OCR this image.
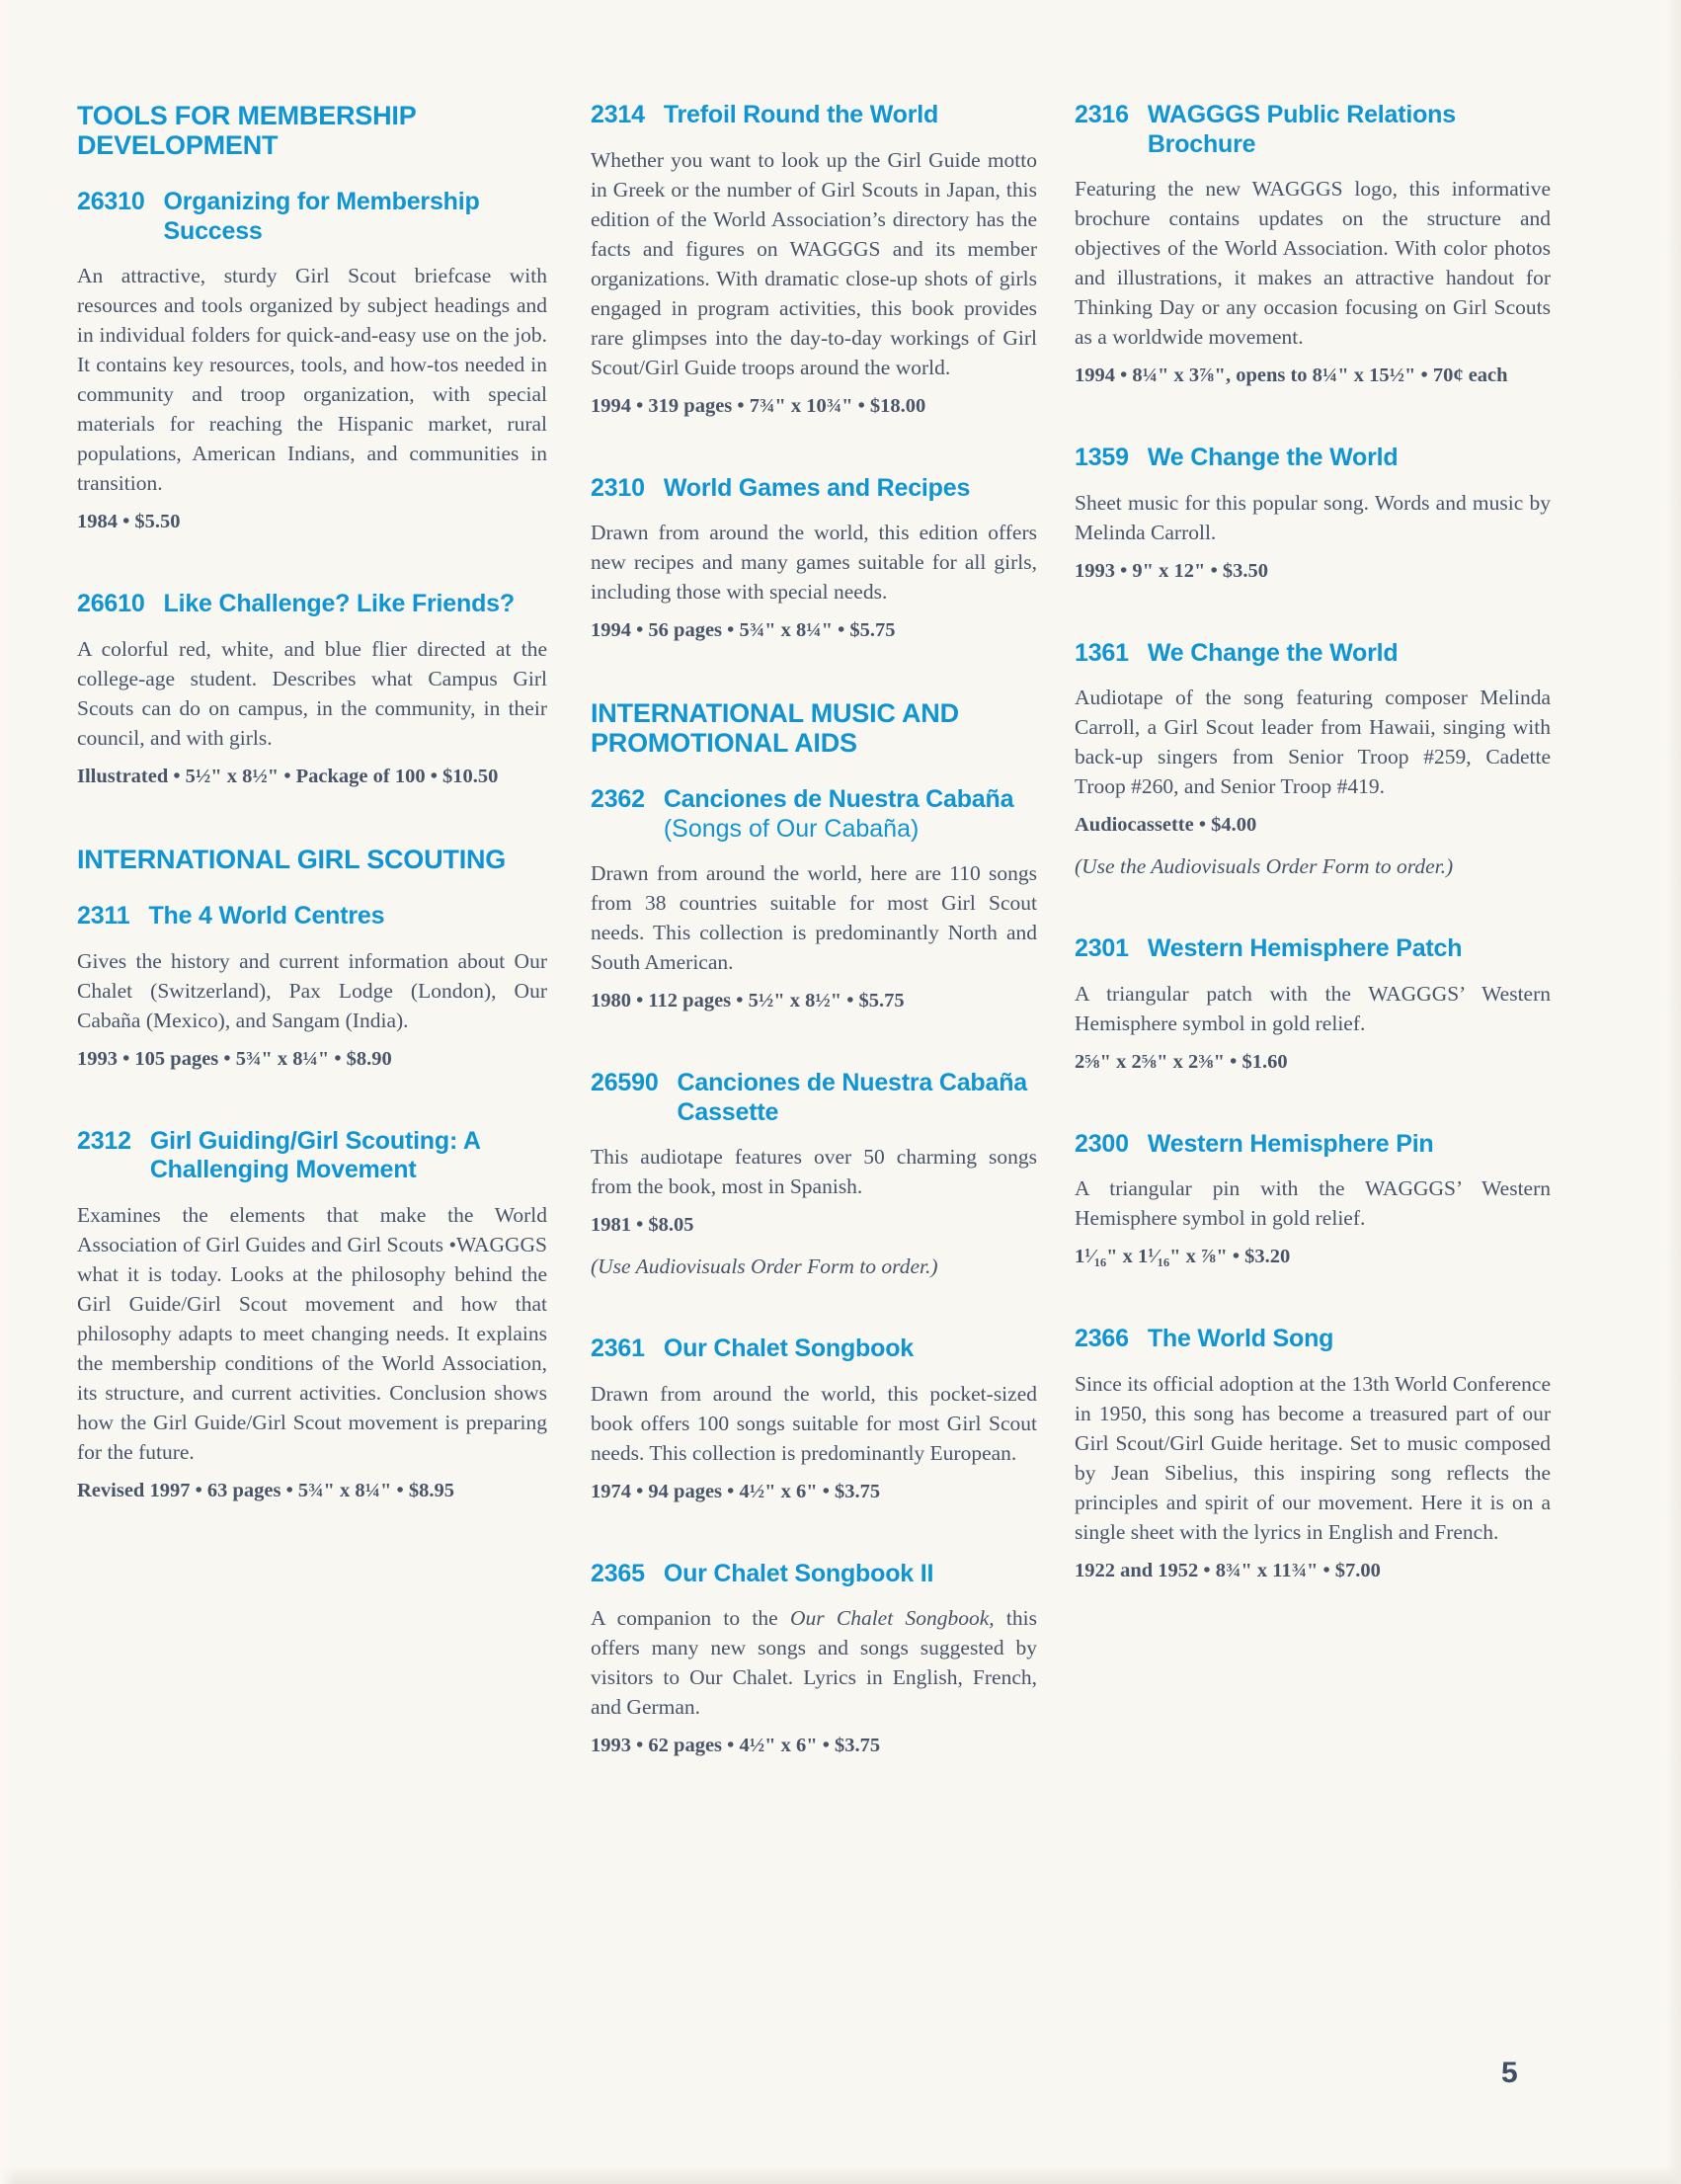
TOOLS FOR MEMBERSHIP DEVELOPMENT
26310 Organizing for Membership Success

An attractive, sturdy Girl Scout briefcase with resources and tools organized by subject headings and in individual folders for quick-and-easy use on the job. It contains key resources, tools, and how-tos needed in community and troop organization, with special materials for reaching the Hispanic market, rural populations, American Indians, and communities in transition.

1984 • $5.50

26610 Like Challenge? Like Friends?

A colorful red, white, and blue flier directed at the college-age student. Describes what Campus Girl Scouts can do on campus, in the community, in their council, and with girls.

Illustrated • 5½" x 8½" • Package of 100 • $10.50

INTERNATIONAL GIRL SCOUTING
2311 The 4 World Centres

Gives the history and current information about Our Chalet (Switzerland), Pax Lodge (London), Our Cabaña (Mexico), and Sangam (India).

1993 • 105 pages • 5¾" x 8¼" • $8.90

2312 Girl Guiding/Girl Scouting: A Challenging Movement

Examines the elements that make the World Association of Girl Guides and Girl Scouts •WAGGGS what it is today. Looks at the philosophy behind the Girl Guide/Girl Scout movement and how that philosophy adapts to meet changing needs. It explains the membership conditions of the World Association, its structure, and current activities. Conclusion shows how the Girl Guide/Girl Scout movement is preparing for the future.

Revised 1997 • 63 pages • 5¾" x 8¼" • $8.95

2314 Trefoil Round the World

Whether you want to look up the Girl Guide motto in Greek or the number of Girl Scouts in Japan, this edition of the World Association’s directory has the facts and figures on WAGGGS and its member organizations. With dramatic close-up shots of girls engaged in program activities, this book provides rare glimpses into the day-to-day workings of Girl Scout/Girl Guide troops around the world.

1994 • 319 pages • 7¾" x 10¾" • $18.00

2310 World Games and Recipes

Drawn from around the world, this edition offers new recipes and many games suitable for all girls, including those with special needs.

1994 • 56 pages • 5¾" x 8¼" • $5.75

INTERNATIONAL MUSIC AND PROMOTIONAL AIDS
2362 Canciones de Nuestra Cabaña
(Songs of Our Cabaña)

Drawn from around the world, here are 110 songs from 38 countries suitable for most Girl Scout needs. This collection is predominantly North and South American.

1980 • 112 pages • 5½" x 8½" • $5.75

26590 Canciones de Nuestra Cabaña Cassette

This audiotape features over 50 charming songs from the book, most in Spanish.

1981 • $8.05

(Use Audiovisuals Order Form to order.)

2361 Our Chalet Songbook

Drawn from around the world, this pocket-sized book offers 100 songs suitable for most Girl Scout needs. This collection is predominantly European.

1974 • 94 pages • 4½" x 6" • $3.75

2365 Our Chalet Songbook II

A companion to the Our Chalet Songbook, this offers many new songs and songs suggested by visitors to Our Chalet. Lyrics in English, French, and German.

1993 • 62 pages • 4½" x 6" • $3.75

2316 WAGGGS Public Relations Brochure

Featuring the new WAGGGS logo, this informative brochure contains updates on the structure and objectives of the World Association. With color photos and illustrations, it makes an attractive handout for Thinking Day or any occasion focusing on Girl Scouts as a worldwide movement.

1994 • 8¼" x 3⅞", opens to 8¼" x 15½" • 70¢ each

1359 We Change the World

Sheet music for this popular song. Words and music by Melinda Carroll.

1993 • 9" x 12" • $3.50

1361 We Change the World

Audiotape of the song featuring composer Melinda Carroll, a Girl Scout leader from Hawaii, singing with back-up singers from Senior Troop #259, Cadette Troop #260, and Senior Troop #419.

Audiocassette • $4.00

(Use the Audiovisuals Order Form to order.)

2301 Western Hemisphere Patch

A triangular patch with the WAGGGS’ Western Hemisphere symbol in gold relief.

2⅝" x 2⅝" x 2⅜" • $1.60

2300 Western Hemisphere Pin

A triangular pin with the WAGGGS’ Western Hemisphere symbol in gold relief.

1¹⁄₁₆" x 1¹⁄₁₆" x ⅞" • $3.20

2366 The World Song

Since its official adoption at the 13th World Conference in 1950, this song has become a treasured part of our Girl Scout/Girl Guide heritage. Set to music composed by Jean Sibelius, this inspiring song reflects the principles and spirit of our movement. Here it is on a single sheet with the lyrics in English and French.

1922 and 1952 • 8¾" x 11¾" • $7.00

5
